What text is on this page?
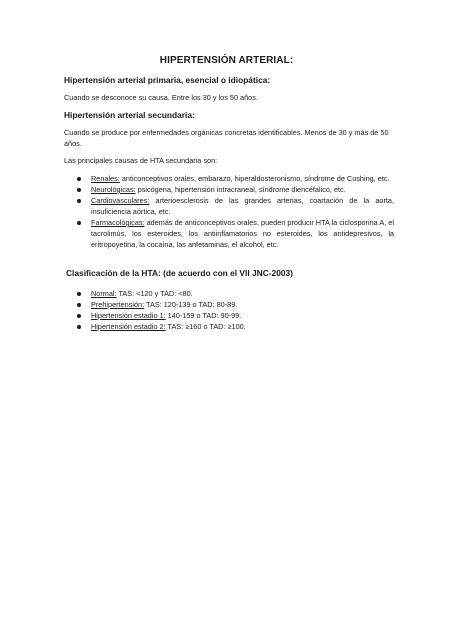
HIPERTENSIÓN ARTERIAL:
Hipertensión arterial primaria, esencial o idiopática:
Cuando se desconoce su causa. Entre los 30 y los 50 años.
Hipertensión arterial secundaria:
Cuando se produce por enfermedades orgánicas concretas identificables. Menos de 30 y más de 50 años.
Las principales causas de HTA secundaria son:
Renales: anticonceptivos orales, embarazo, hiperaldosteronismo, síndrome de Cushing, etc.
Neurológicas: psicógena, hipertensión intracraneal, síndrome diencéfalico, etc.
Cardiovasculares: arterioesclerosis de las grandes arterias, coartación de la aorta, insuficiencia aórtica, etc.
Farmacológicas: además de anticonceptivos orales, pueden producir HTA la ciclosporina A, el tacrolimús, los esteroides, los antiinflamatorios no esteroides, los antidepresivos, la eritropoyetina, la cocaína, las anfetaminas, el alcohol, etc.
Clasificación de la HTA: (de acuerdo con el VII JNC-2003)
Normal: TAS: <120 y TAD: <80.
Prehipertensión: TAS: 120-139 o TAD: 80-89.
Hipertensión estadio 1: 140-159 o TAD: 90-99.
Hipertensión estadio 2: TAS: ≥160 o TAD: ≥100.
